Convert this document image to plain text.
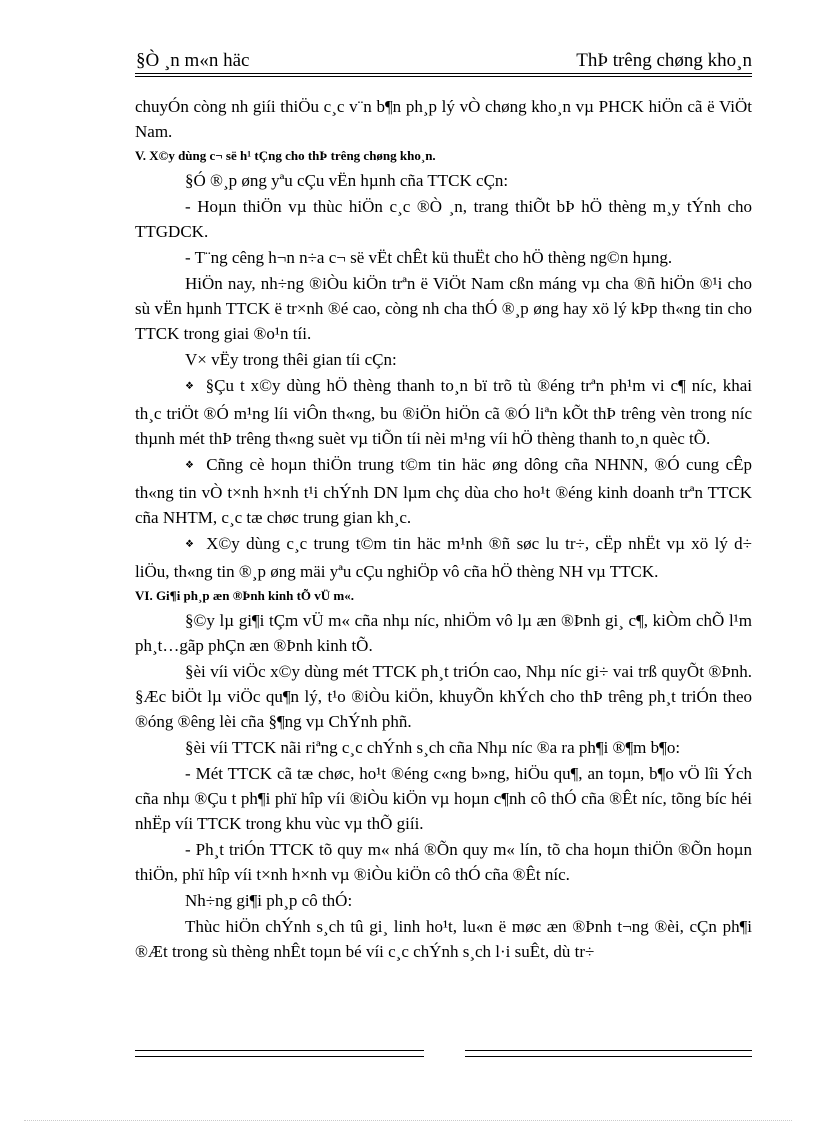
§Ò ¸n m«n häc	ThÞ trêng chøng kho¸n

chuyÓn còng nh giíi thiÖu c¸c v¨n b¶n ph¸p lý vÒ chøng kho¸n vµ PHCK hiÖn cã ë ViÖt Nam.

V. X©y dùng c¬ së h¹ tÇng cho thÞ trêng chøng kho¸n.

§Ó ®¸p øng yªu cÇu vËn hµnh cña TTCK cÇn:

- Hoµn thiÖn vµ thùc hiÖn c¸c ®Ò ¸n, trang thiÕt bÞ hÖ thèng m¸y tÝnh cho TTGDCK.

- T¨ng cêng h¬n n÷a c¬ së vËt chÊt kü thuËt cho hÖ thèng ng©n hµng.

HiÖn nay, nh÷ng ®iÒu kiÖn trªn ë ViÖt Nam cßn máng vµ cha ®ñ hiÖn ®¹i cho sù vËn hµnh TTCK ë tr×nh ®é cao, còng nh cha thÓ ®¸p øng hay xö lý kÞp th«ng tin cho TTCK trong giai ®o¹n tíi.

V× vËy trong thêi gian tíi cÇn:

❖ §Çu t x©y dùng hÖ thèng thanh to¸n bï trõ tù ®éng trªn ph¹m vi c¶ níc, khai th¸c triÖt ®Ó m¹ng líi viÔn th«ng, bu ®iÖn hiÖn cã ®Ó liªn kÕt thÞ trêng vèn trong níc thµnh mét thÞ trêng th«ng suèt vµ tiÕn tíi nèi m¹ng víi hÖ thèng thanh to¸n quèc tÕ.

❖ Cñng cè hoµn thiÖn trung t©m tin häc øng dông cña NHNN, ®Ó cung cÊp th«ng tin vÒ t×nh h×nh t¹i chÝnh DN lµm chç dùa cho ho¹t ®éng kinh doanh trªn TTCK cña NHTM, c¸c tæ chøc trung gian kh¸c.

❖ X©y dùng c¸c trung t©m tin häc m¹nh ®ñ søc lu tr÷, cËp nhËt vµ xö lý d÷ liÖu, th«ng tin ®¸p øng mäi yªu cÇu nghiÖp vô cña hÖ thèng NH vµ TTCK.

VI. Gi¶i ph¸p æn ®Þnh kinh tÕ vÜ m«.

§©y lµ gi¶i tÇm vÜ m« cña nhµ níc, nhiÖm vô lµ æn ®Þnh gi¸ c¶, kiÒm chÕ l¹m ph¸t…gãp phÇn æn ®Þnh kinh tÕ.

§èi víi viÖc x©y dùng mét TTCK ph¸t triÓn cao, Nhµ níc gi÷ vai trß quyÕt ®Þnh. §Æc biÖt lµ viÖc qu¶n lý, t¹o ®iÒu kiÖn, khuyÕn khÝch cho thÞ trêng ph¸t triÓn theo ®óng ®êng lèi cña §¶ng vµ ChÝnh phñ.

§èi víi TTCK nãi riªng c¸c chÝnh s¸ch cña Nhµ níc ®a ra ph¶i ®¶m b¶o:

- Mét TTCK cã tæ chøc, ho¹t ®éng c«ng b»ng, hiÖu qu¶, an toµn, b¶o vÖ lîi Ých cña nhµ ®Çu t ph¶i phï hîp víi ®iÒu kiÖn vµ hoµn c¶nh cô thÓ cña ®Êt níc, tõng bíc héi nhËp víi TTCK trong khu vùc vµ thÕ giíi.

- Ph¸t triÓn TTCK tõ quy m« nhá ®Õn quy m« lín, tõ cha hoµn thiÖn ®Õn hoµn thiÖn, phï hîp víi t×nh h×nh vµ ®iÒu kiÖn cô thÓ cña ®Êt níc.

Nh÷ng gi¶i ph¸p cô thÓ:

Thùc hiÖn chÝnh s¸ch tû gi¸ linh ho¹t, lu«n ë møc æn ®Þnh t¬ng ®èi, cÇn ph¶i ®Æt trong sù thèng nhÊt toµn bé víi c¸c chÝnh s¸ch l·i suÊt, dù tr÷
